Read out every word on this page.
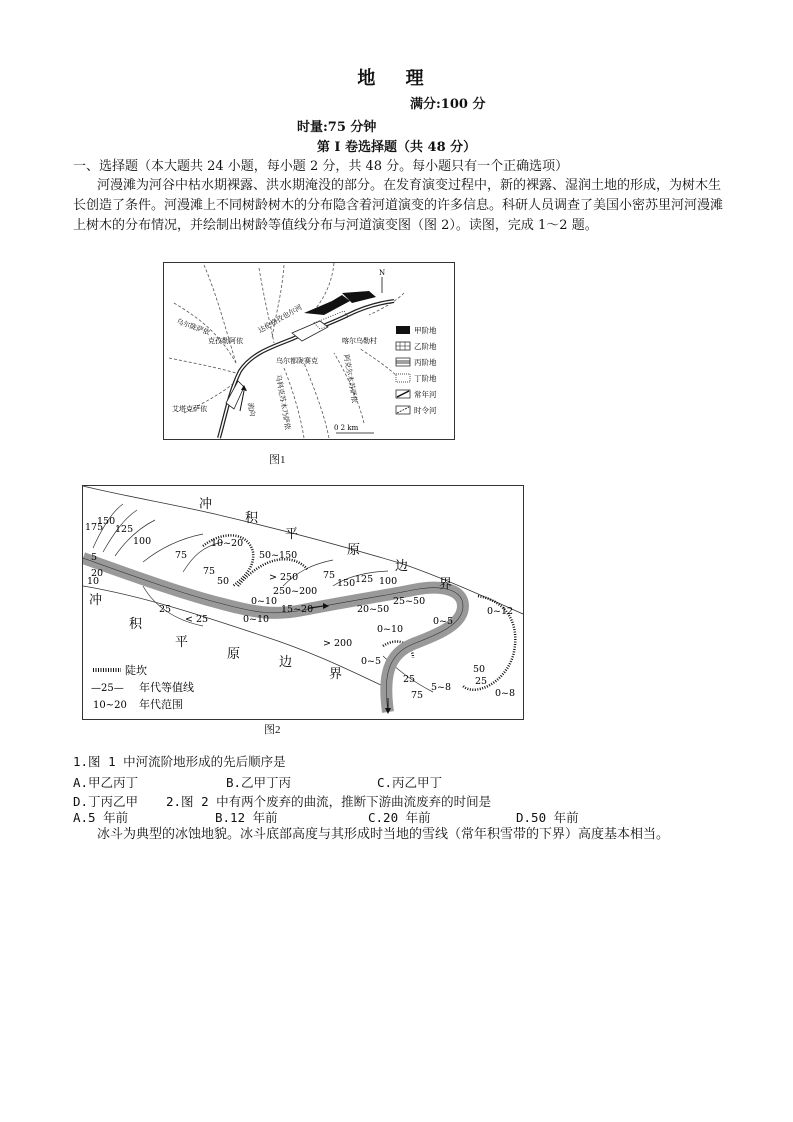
地 理
满分:100 分
时量:75 分钟
第 I 卷选择题（共 48 分）
一、选择题（本大题共 24 小题，每小题 2 分，共 48 分。每小题只有一个正确选项）
河漫滩为河谷中枯水期裸露、洪水期淹没的部分。在发育演变过程中，新的裸露、湿润土地的形成，为树木生长创造了条件。河漫滩上不同树龄树木的分布隐含着河道演变的许多信息。科研人员调查了美国小密苏里河河漫滩上树木的分布情况，并绘制出树龄等值线分布与河道演变图（图 2）。读图，完成 1～2 题。
乌尔陇萨依	达伦格孜也尔河
克孜勒阿依	喀尔乌勒村
乌尔都陇赛克
乌科克苏木乃萨依	阿克尔木苏萨依
艾塔克萨依	流向
N
0 2 km
甲阶地
乙阶地
丙阶地
丁阶地
常年河
时令河
图1
冲
积
平
原
边
界
冲
积
平
原
边
界
175
150
125
100
75
10~20
50~150
75
50	> 250
250~200
75
150 125 100
0~10
15~20
25~50
20~50
0~5
0~12
25
< 25	0~10
> 200
0~10
0~5
50
25
75
5~8
25
0~8
5
20
10
陡坎
—25— 年代等值线
10~20 年代范围
图2
1.图 1 中河流阶地形成的先后顺序是
A.甲乙丙丁	B.乙甲丁丙	C.丙乙甲丁
D.丁丙乙甲 2.图 2 中有两个废弃的曲流，推断下游曲流废弃的时间是
A.5 年前	B.12 年前	C.20 年前	D.50 年前
冰斗为典型的冰蚀地貌。冰斗底部高度与其形成时当地的雪线（常年积雪带的下界）高度基本相当。
